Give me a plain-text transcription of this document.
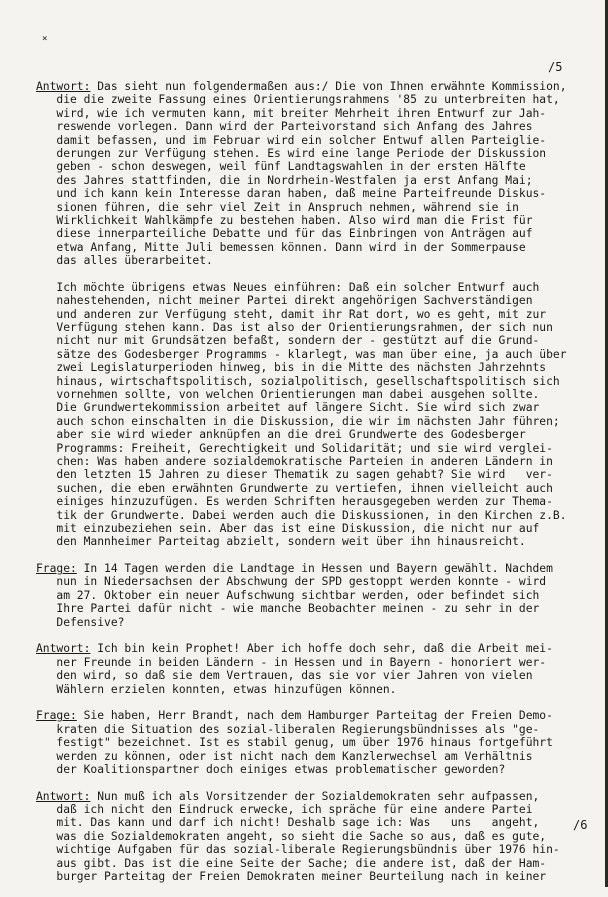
×
/5
Antwort: Das sieht nun folgendermaßen aus:/ Die von Ihnen erwähnte Kommission,
die die zweite Fassung eines Orientierungsrahmens '85 zu unterbreiten hat,
wird, wie ich vermuten kann, mit breiter Mehrheit ihren Entwurf zur Jah-
reswende vorlegen. Dann wird der Parteivorstand sich Anfang des Jahres
damit befassen, und im Februar wird ein solcher Entwuf allen Parteiglie-
derungen zur Verfügung stehen. Es wird eine lange Periode der Diskussion
geben - schon deswegen, weil fünf Landtagswahlen in der ersten Hälfte
des Jahres stattfinden, die in Nordrhein-Westfalen ja erst Anfang Mai;
und ich kann kein Interesse daran haben, daß meine Parteifreunde Diskus-
sionen führen, die sehr viel Zeit in Anspruch nehmen, während sie in
Wirklichkeit Wahlkämpfe zu bestehen haben. Also wird man die Frist für
diese innerparteiliche Debatte und für das Einbringen von Anträgen auf
etwa Anfang, Mitte Juli bemessen können. Dann wird in der Sommerpause
das alles überarbeitet.
Ich möchte übrigens etwas Neues einführen: Daß ein solcher Entwurf auch
nahestehenden, nicht meiner Partei direkt angehörigen Sachverständigen
und anderen zur Verfügung steht, damit ihr Rat dort, wo es geht, mit zur
Verfügung stehen kann. Das ist also der Orientierungsrahmen, der sich nun
nicht nur mit Grundsätzen befaßt, sondern der - gestützt auf die Grund-
sätze des Godesberger Programms - klarlegt, was man über eine, ja auch über
zwei Legislaturperioden hinweg, bis in die Mitte des nächsten Jahrzehnts
hinaus, wirtschaftspolitisch, sozialpolitisch, gesellschaftspolitisch sich
vornehmen sollte, von welchen Orientierungen man dabei ausgehen sollte.
Die Grundwertekommission arbeitet auf längere Sicht. Sie wird sich zwar
auch schon einschalten in die Diskussion, die wir im nächsten Jahr führen;
aber sie wird wieder anknüpfen an die drei Grundwerte des Godesberger
Programms: Freiheit, Gerechtigkeit und Solidarität; und sie wird verglei-
chen: Was haben andere sozialdemokratische Parteien in anderen Ländern in
den letzten 15 Jahren zu dieser Thematik zu sagen gehabt? Sie wird   ver-
suchen, die eben erwähnten Grundwerte zu vertiefen, ihnen vielleicht auch
einiges hinzuzufügen. Es werden Schriften herausgegeben werden zur Thema-
tik der Grundwerte. Dabei werden auch die Diskussionen, in den Kirchen z.B.
mit einzubeziehen sein. Aber das ist eine Diskussion, die nicht nur auf
den Mannheimer Parteitag abzielt, sondern weit über ihn hinausreicht.
Frage: In 14 Tagen werden die Landtage in Hessen und Bayern gewählt. Nachdem
nun in Niedersachsen der Abschwung der SPD gestoppt werden konnte - wird
am 27. Oktober ein neuer Aufschwung sichtbar werden, oder befindet sich
Ihre Partei dafür nicht - wie manche Beobachter meinen - zu sehr in der
Defensive?
Antwort: Ich bin kein Prophet! Aber ich hoffe doch sehr, daß die Arbeit mei-
ner Freunde in beiden Ländern - in Hessen und in Bayern - honoriert wer-
den wird, so daß sie dem Vertrauen, das sie vor vier Jahren von vielen
Wählern erzielen konnten, etwas hinzufügen können.
Frage: Sie haben, Herr Brandt, nach dem Hamburger Parteitag der Freien Demo-
kraten die Situation des sozial-liberalen Regierungsbündnisses als "ge-
festigt" bezeichnet. Ist es stabil genug, um über 1976 hinaus fortgeführt
werden zu können, oder ist nicht nach dem Kanzlerwechsel am Verhältnis
der Koalitionspartner doch einiges etwas problematischer geworden?
Antwort: Nun muß ich als Vorsitzender der Sozialdemokraten sehr aufpassen,
daß ich nicht den Eindruck erwecke, ich spräche für eine andere Partei
mit. Das kann und darf ich nicht! Deshalb sage ich: Was   uns   angeht,
was die Sozialdemokraten angeht, so sieht die Sache so aus, daß es gute,
wichtige Aufgaben für das sozial-liberale Regierungsbündnis über 1976 hin-
aus gibt. Das ist die eine Seite der Sache; die andere ist, daß der Ham-
burger Parteitag der Freien Demokraten meiner Beurteilung nach in keiner
/6
